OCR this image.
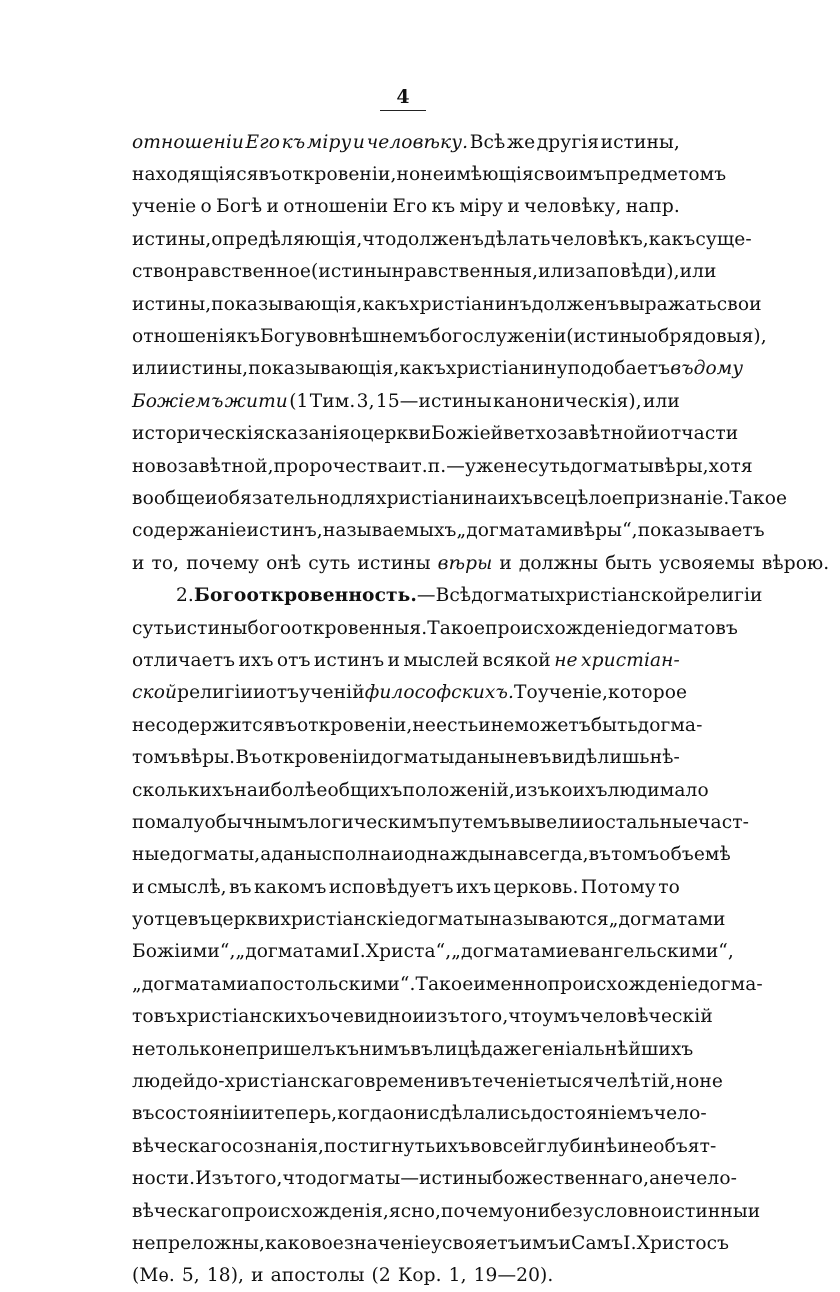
4
отношеніи Его къ міру и человѣку. Всѣ же другія истины,
находящіяся въ откровеніи, но не имѣющія своимъ предметомъ
ученіе о Богѣ и отношеніи Его къ міру и человѣку, напр.
истины, опредѣляющія, что долженъ дѣлать человѣкъ, какъ суще-
ство нравственное (истины нравственныя, или заповѣди), или
истины, показывающія, какъ христіанинъ долженъ выражать свои
отношенія къ Богу во внѣшнемъ богослуженіи (истины обрядовыя),
или истины, показывающія, какъ христіанину подобаетъ въ дому
Божіемъ жити (1 Тим. 3, 15—истины каноническія), или
историческія сказанія о церкви Божіей ветхозавѣтной и отчасти
новозавѣтной, пророчества и т. п.—уже не суть догматы вѣры, хотя
вообще и обязательно для христіанина ихъ всецѣлое признаніе. Такое
содержаніе истинъ, называемыхъ „догматами вѣры“, показываетъ
и то, почему онѣ суть истины вѣры и должны быть усвояемы вѣрою.
2. Богооткровенность. —Всѣ догматы христіанской религіи
суть истины богооткровенныя. Такое происхожденіе догматовъ
отличаетъ ихъ отъ истинъ и мыслей всякой не христіан-
ской религіи и отъ ученій философскихъ. То ученіе, которое
не содержится въ откровеніи, не есть и не можетъ быть догма-
томъ вѣры. Въ откровеніи догматы даны не въ видѣ лишь нѣ-
сколькихъ наиболѣе общихъ положеній, изъ коихъ люди мало
по малу обычнымъ логическимъ путемъ вывели и остальные част-
ные догматы, а даны сполна и однажды навсегда, въ томъ объемѣ
и смыслѣ, въ какомъ исповѣдуетъ ихъ церковь. Потому то
у отцевъ церкви христіанскіе догматы называются „догматами
Божіими“, „догматами І. Христа“, „догматами евангельскими“,
„догматами апостольскими“. Такое именно происхожденіе догма-
товъ христіанскихъ очевидно и изъ того, что умъ человѣческій
не только не пришелъ къ нимъ въ лицѣ даже геніальнѣйшихъ
людей до-христіанскаго времени въ теченіе тысячелѣтій, но не
въ состояніи и теперь, когда они сдѣлались достояніемъ чело-
вѣческаго сознанія, постигнуть ихъ во всей глубинѣ и необъят-
ности. Изъ того, что догматы—истины божественнаго, а не чело-
вѣческаго происхожденія, ясно, почему они безусловно истинны и
непреложны, каковое значеніе усвояетъ имъ и Самъ І. Христосъ
(Мѳ. 5, 18), и апостолы (2 Кор. 1, 19—20).
